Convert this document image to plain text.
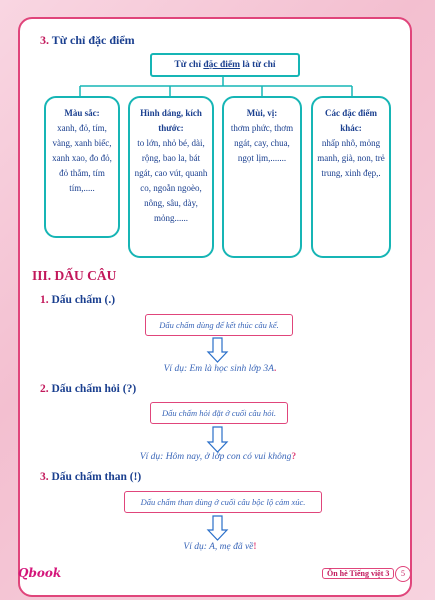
3. Từ chỉ đặc điểm
Từ chỉ đặc điểm là từ chỉ
Màu sắc:
xanh, đỏ, tím, vàng, xanh biếc, xanh xao, đo đỏ, đỏ thắm, tím tím,.....
Hình dáng, kích thước:
to lớn, nhỏ bé, dài, rộng, bao la, bát ngát, cao vút, quanh co, ngoằn ngoèo, nông, sâu, dày, mỏng......
Mùi, vị:
thơm phức, thơm ngát, cay, chua, ngọt lịm,.......
Các đặc điểm khác:
nhấp nhô, mỏng manh, già, non, trẻ trung, xinh đẹp,.
III. DẤU CÂU
1. Dấu chấm (.)
Dấu chấm dùng để kết thúc câu kể.
Ví dụ: Em là học sinh lớp 3A.
2. Dấu chấm hỏi (?)
Dấu chấm hỏi đặt ở cuối câu hỏi.
Ví dụ: Hôm nay, ở lớp con có vui không?
3. Dấu chấm than (!)
Dấu chấm than dùng ở cuối câu bộc lộ cảm xúc.
Ví dụ: A, mẹ đã về!
Qbook	Ôn hè Tiếng việt 3	5
